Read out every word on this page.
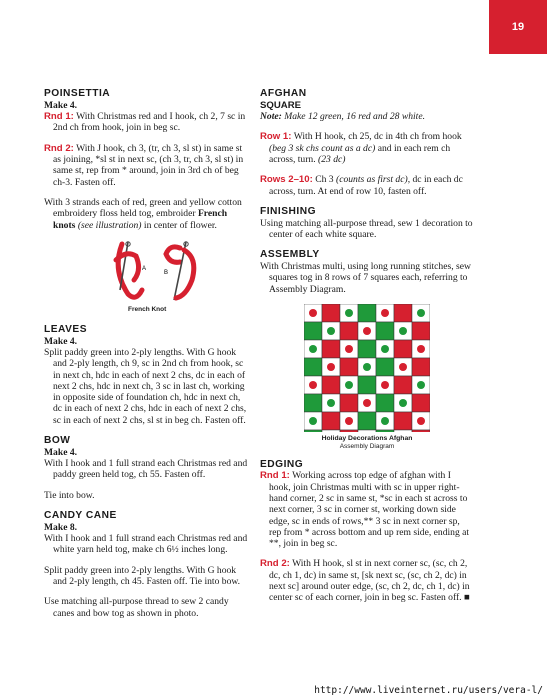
19
POINSETTIA
Make 4.

Rnd 1: With Christmas red and I hook, ch 2, 7 sc in 2nd ch from hook, join in beg sc.

Rnd 2: With J hook, ch 3, (tr, ch 3, sl st) in same st as joining, *sl st in next sc, (ch 3, tr, ch 3, sl st) in same st, rep from * around, join in 3rd ch of beg ch-3. Fasten off.

With 3 strands each of red, green and yellow cotton embroidery floss held tog, embroider French knots (see illustration) in center of flower.

A
B
French Knot
LEAVES
Make 4.

Split paddy green into 2-ply lengths. With G hook and 2-ply length, ch 9, sc in 2nd ch from hook, sc in next ch, hdc in each of next 2 chs, dc in each of next 2 chs, hdc in next ch, 3 sc in last ch, working in opposite side of foundation ch, hdc in next ch, dc in each of next 2 chs, hdc in each of next 2 chs, sc in each of next 2 chs, sl st in beg ch. Fasten off.

BOW
Make 4.

With I hook and 1 full strand each Christmas red and paddy green held tog, ch 55. Fasten off.

Tie into bow.

CANDY CANE
Make 8.

With I hook and 1 full strand each Christmas red and white yarn held tog, make ch 6½ inches long.

Split paddy green into 2-ply lengths. With G hook and 2-ply length, ch 45. Fasten off. Tie into bow.

Use matching all-purpose thread to sew 2 candy canes and bow tog as shown in photo.

AFGHAN
SQUARE

Note: Make 12 green, 16 red and 28 white.

Row 1: With H hook, ch 25, dc in 4th ch from hook (beg 3 sk chs count as a dc) and in each rem ch across, turn. (23 dc)

Rows 2–10: Ch 3 (counts as first dc), dc in each dc across, turn. At end of row 10, fasten off.

FINISHING

Using matching all-purpose thread, sew 1 decoration to center of each white square.

ASSEMBLY

With Christmas multi, using long running stitches, sew squares tog in 8 rows of 7 squares each, referring to Assembly Diagram.

Holiday Decorations Afghan
Assembly Diagram
EDGING

Rnd 1: Working across top edge of afghan with I hook, join Christmas multi with sc in upper right-hand corner, 2 sc in same st, *sc in each st across to next corner, 3 sc in corner st, working down side edge, sc in ends of rows,** 3 sc in next corner sp, rep from * across bottom and up rem side, ending at **, join in beg sc.

Rnd 2: With H hook, sl st in next corner sc, (sc, ch 2, dc, ch 1, dc) in same st, [sk next sc, (sc, ch 2, dc) in next sc] around outer edge, (sc, ch 2, dc, ch 1, dc) in center sc of each corner, join in beg sc. Fasten off. ■

http://www.liveinternet.ru/users/vera-l/
